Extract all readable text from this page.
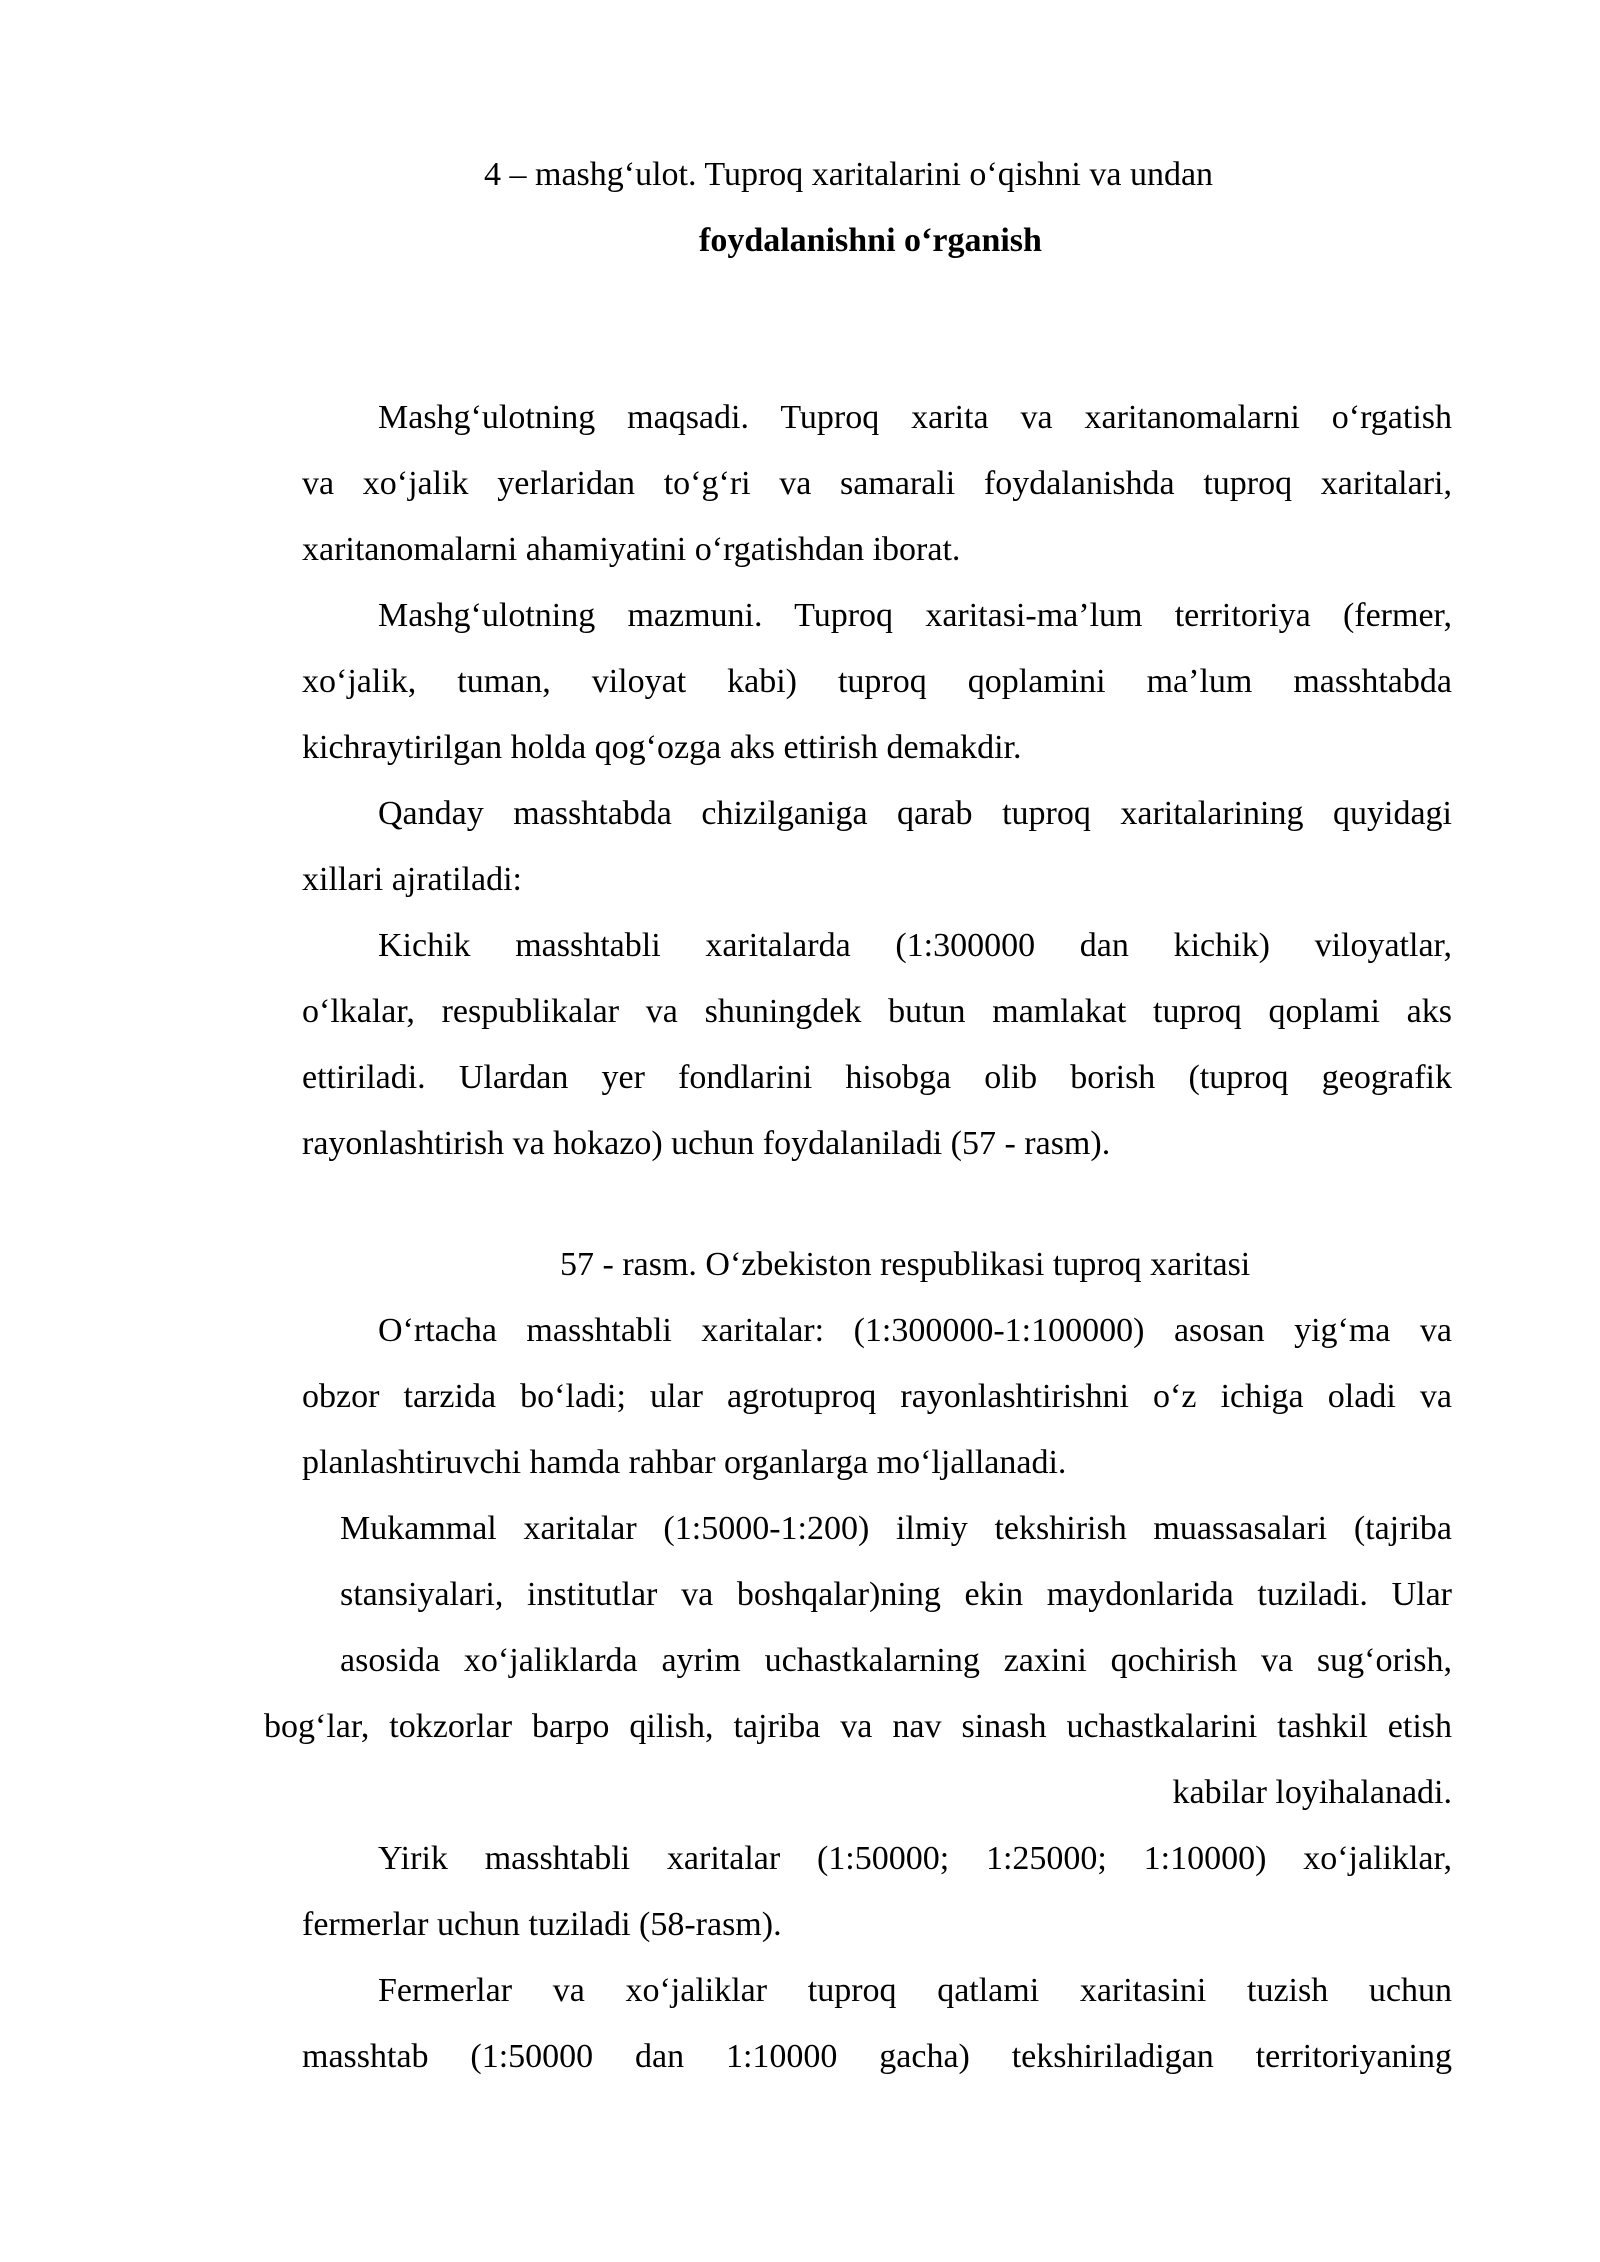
4 – mashg‘ulot. Tuproq xaritalarini o‘qishni va undan

foydalanishni o‘rganish

Mashg‘ulotning maqsadi. Tuproq xarita va xaritanomalarni o‘rgatish

va xo‘jalik yerlaridan to‘g‘ri va samarali foydalanishda tuproq xaritalari,

xaritanomalarni ahamiyatini o‘rgatishdan iborat.

Mashg‘ulotning mazmuni. Tuproq xaritasi-ma’lum territoriya (fermer,

xo‘jalik, tuman, viloyat kabi) tuproq qoplamini ma’lum masshtabda

kichraytirilgan holda qog‘ozga aks ettirish demakdir.

Qanday masshtabda chizilganiga qarab tuproq xaritalarining quyidagi

xillari ajratiladi:

Kichik masshtabli xaritalarda (1:300000 dan kichik) viloyatlar,

o‘lkalar, respublikalar va shuningdek butun mamlakat tuproq qoplami aks

ettiriladi. Ulardan yer fondlarini hisobga olib borish (tuproq geografik

rayonlashtirish va hokazo) uchun foydalaniladi (57 - rasm).

57 - rasm. O‘zbekiston respublikasi tuproq xaritasi

O‘rtacha masshtabli xaritalar: (1:300000-1:100000) asosan yig‘ma va

obzor tarzida bo‘ladi; ular agrotuproq rayonlashtirishni o‘z ichiga oladi va

planlashtiruvchi hamda rahbar organlarga mo‘ljallanadi.

Mukammal xaritalar (1:5000-1:200) ilmiy tekshirish muassasalari (tajriba

stansiyalari, institutlar va boshqalar)ning ekin maydonlarida tuziladi. Ular

asosida xo‘jaliklarda ayrim uchastkalarning zaxini qochirish va sug‘orish,

bog‘lar, tokzorlar barpo qilish, tajriba va nav sinash uchastkalarini tashkil etish

kabilar loyihalanadi.

Yirik masshtabli xaritalar (1:50000; 1:25000; 1:10000) xo‘jaliklar,

fermerlar uchun tuziladi (58-rasm).

Fermerlar va xo‘jaliklar tuproq qatlami xaritasini tuzish uchun

masshtab (1:50000 dan 1:10000 gacha) tekshiriladigan territoriyaning
